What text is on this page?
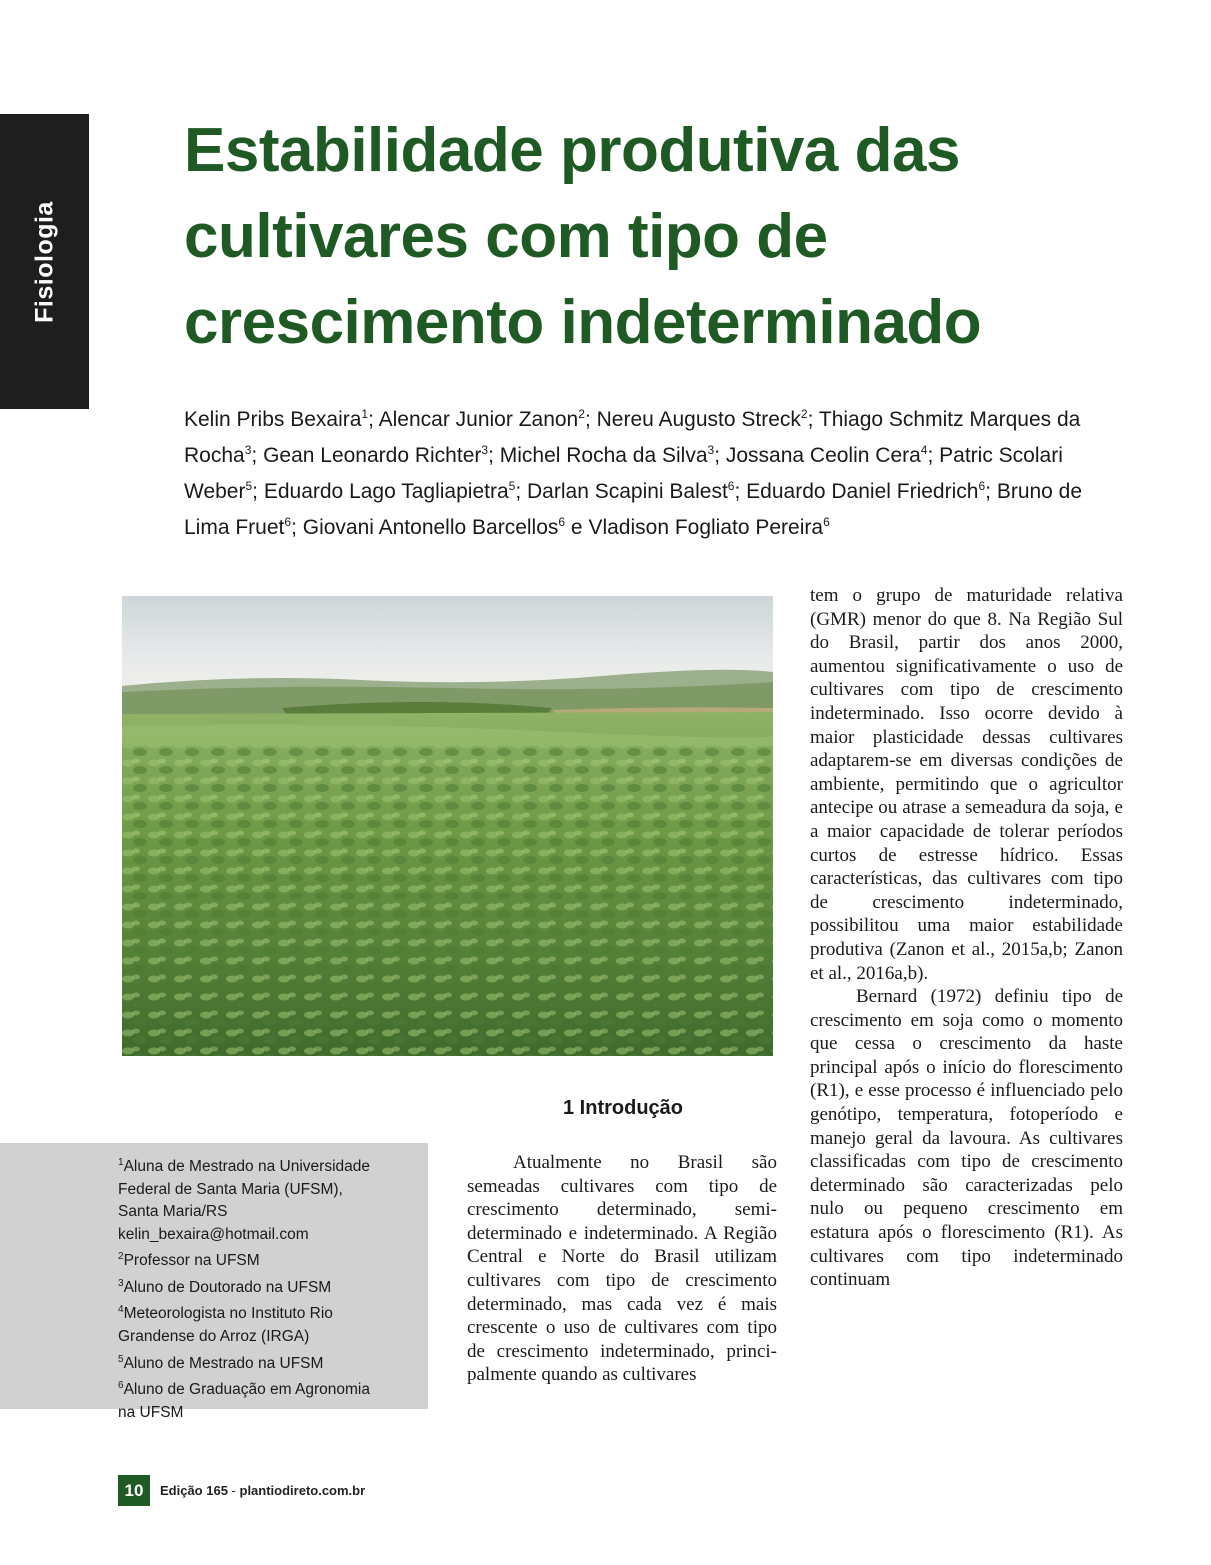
Fisiologia
Estabilidade produtiva das cultivares com tipo de crescimento indeterminado

Kelin Pribs Bexaira$^1$; Alencar Junior Zanon$^2$; Nereu Augusto Streck$^2$; Thiago Schmitz Marques da Rocha$^3$; Gean Leonardo Richter$^3$; Michel Rocha da Silva$^3$; Jossana Ceolin Cera$^4$; Patric Scolari Weber$^5$; Eduardo Lago Tagliapietra$^5$; Darlan Scapini Balest$^6$; Eduardo Daniel Friedrich$^6$; Bruno de Lima Fruet$^6$; Giovani Antonello Barcellos$^6$ e Vladison Fogliato Pereira$^6$

$^1$Aluna de Mestrado na Universidade
Federal de Santa Maria (UFSM),
Santa Maria/RS
kelin_bexaira@hotmail.com
$^2$Professor na UFSM
$^3$Aluno de Doutorado na UFSM
$^4$Meteorologista no Instituto Rio
Grandense do Arroz (IRGA)
$^5$Aluno de Mestrado na UFSM
$^6$Aluno de Graduação em Agronomia
na UFSM
1 Introdução

Atualmente no Brasil são semeadas cultivares com tipo de crescimento determinado, semideterminado e indeterminado. A Região Central e Norte do Brasil utilizam cultivares com tipo de crescimento determinado, mas cada vez é mais crescente o uso de cultivares com tipo de crescimento indeterminado, principalmente quando as cultivares

tem o grupo de maturidade relativa (GMR) menor do que 8. Na Região Sul do Brasil, partir dos anos 2000, aumentou significativamente o uso de cultivares com tipo de crescimento indeterminado. Isso ocorre devido à maior plasticidade dessas cultivares adaptarem-se em diversas condições de ambiente, permitindo que o agricultor antecipe ou atrase a semeadura da soja, e a maior capacidade de tolerar períodos curtos de estresse hídrico. Essas características, das cultivares com tipo de crescimento indeterminado, possibilitou uma maior estabilidade produtiva (Zanon et al., 2015a,b; Zanon et al., 2016a,b).

Bernard (1972) definiu tipo de crescimento em soja como o momento que cessa o crescimento da haste principal após o início do florescimento (R1), e esse processo é influenciado pelo genótipo, temperatura, fotoperíodo e manejo geral da lavoura. As cultivares classificadas com tipo de crescimento determinado são caracterizadas pelo nulo ou pequeno crescimento em estatura após o florescimento (R1). As cultivares com tipo indeterminado continuam

10	Edição 165 - plantiodireto.com.br
